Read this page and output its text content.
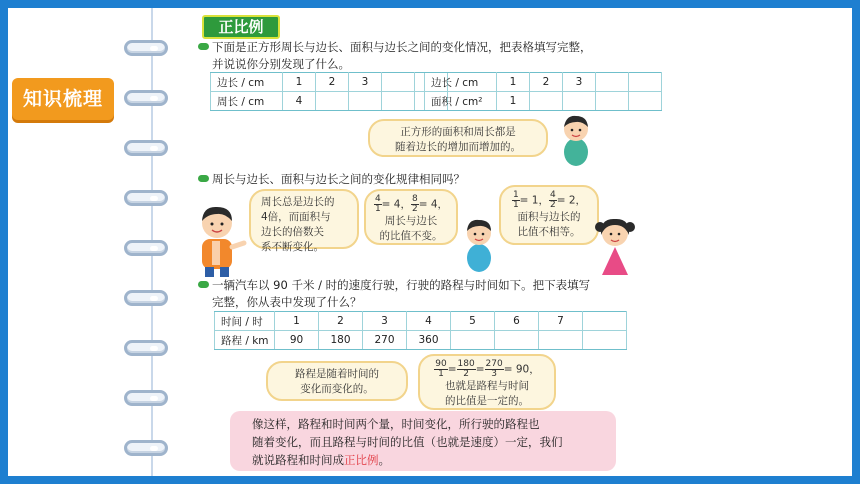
知识梳理
正比例
下面是正方形周长与边长、面积与边长之间的变化情况，把表格填写完整，
并说说你分别发现了什么。
边长 / cm	1	2	3		
周长 / cm	4				
边长 / cm	1	2	3		
面积 / cm²	1				
正方形的面积和周长都是
随着边长的增加而增加的。
周长与边长、面积与边长之间的变化规律相同吗？
周长总是边长的
4倍，而面积与
边长的倍数关
系不断变化。
$\frac{4}{1} = 4$， $\frac{8}{2} = 4$，
周长与边长
的比值不变。
$\frac{1}{1} = 1$， $\frac{4}{2} = 2$，
面积与边长的
比值不相等。
一辆汽车以 90 千米 / 时的速度行驶，行驶的路程与时间如下。把下表填写
完整，你从表中发现了什么？
时间 / 时	1	2	3	4	5	6	7	
路程 / km	90	180	270	360				
路程是随着时间的
变化而变化的。
$\frac{90}{1} = \frac{180}{2} = \frac{270}{3} = 90$，
也就是路程与时间
的比值是一定的。
像这样，路程和时间两个量，时间变化，所行驶的路程也
随着变化，而且路程与时间的比值（也就是速度）一定，我们
就说路程和时间成正比例。
